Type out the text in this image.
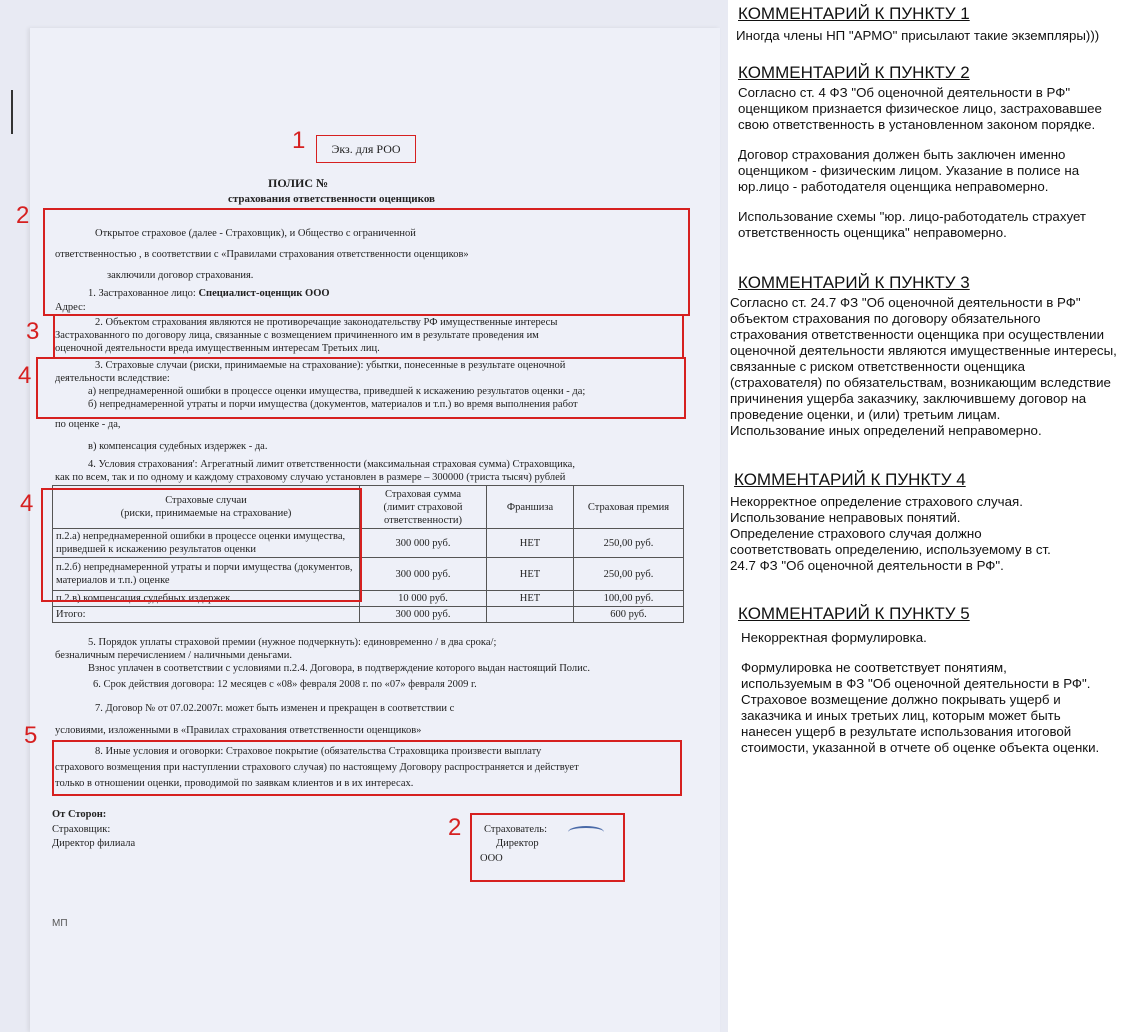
Экз. для РОО
ПОЛИС №
страхования ответственности оценщиков
Открытое страховое (далее - Страховщик), и Общество с ограниченной
ответственностью , в соответствии с «Правилами страхования ответственности оценщиков»
заключили договор страхования.
1. Застрахованное лицо: Специалист-оценщик ООО
Адрес:
2. Объектом страхования являются не противоречащие законодательству РФ имущественные интересы
Застрахованного по договору лица, связанные с возмещением причиненного им в результате проведения им
оценочной деятельности вреда имущественным интересам Третьих лиц.
3. Страховые случаи (риски, принимаемые на страхование): убытки, понесенные в результате оценочной
деятельности вследствие:
а) непреднамеренной ошибки в процессе оценки имущества, приведшей к искажению результатов оценки - да;
б) непреднамеренной утраты и порчи имущества (документов, материалов и т.п.) во время выполнения работ
по оценке - да,
в) компенсация судебных издержек - да.
4. Условия страхования': Агрегатный лимит ответственности (максимальная страховая сумма) Страховщика,
как по всем, так и по одному и каждому страховому случаю установлен в размере – 300000 (триста тысяч) рублей
Страховые случаи
(риски, принимаемые на страхование)	Страховая сумма
(лимит страховой ответственности)	Франшиза	Страховая премия
п.2.а) непреднамеренной ошибки в процессе оценки имущества, приведшей к искажению результатов оценки	300 000 руб.	НЕТ	250,00 руб.
п.2.б) непреднамеренной утраты и порчи имущества (документов, материалов и т.п.) оценке	300 000 руб.	НЕТ	250,00 руб.
п.2.в) компенсация судебных издержек	10 000 руб.	НЕТ	100,00 руб.
Итого:	300 000 руб.		600 руб.
5. Порядок уплаты страховой премии (нужное подчеркнуть): единовременно / в два срока/;
безналичным перечислением / наличными деньгами.
Взнос уплачен в соответствии с условиями п.2.4. Договора, в подтверждение которого выдан настоящий Полис.
6. Срок действия договора: 12 месяцев с «08» февраля 2008 г. по «07» февраля 2009 г.
7. Договор № от 07.02.2007г. может быть изменен и прекращен в соответствии с
условиями, изложенными в «Правилах страхования ответственности оценщиков»
8. Иные условия и оговорки: Страховое покрытие (обязательства Страховщика произвести выплату
страхового возмещения при наступлении страхового случая) по настоящему Договору распространяется и действует
только в отношении оценки, проводимой по заявкам клиентов и в их интересах.
От Сторон:
Страховщик:
Директор филиала
Страхователь:
Директор
ООО
МП
1
2
3
4
4
5
2
КОММЕНТАРИЙ К ПУНКТУ 1
Иногда члены НП "АРМО" присылают такие экземпляры)))
КОММЕНТАРИЙ К ПУНКТУ 2
Согласно ст. 4 ФЗ "Об оценочной деятельности в РФ" оценщиком признается физическое лицо, застраховавшее свою ответственность в установленном законом порядке.
Договор страхования должен быть заключен именно оценщиком - физическим лицом. Указание в полисе на юр.лицо - работодателя оценщика неправомерно.
Использование схемы "юр. лицо-работодатель страхует ответственность оценщика" неправомерно.
КОММЕНТАРИЙ К ПУНКТУ 3
Согласно ст. 24.7 ФЗ "Об оценочной деятельности в РФ" объектом страхования по договору обязательного страхования ответственности оценщика при осуществлении оценочной деятельности являются имущественные интересы, связанные с риском ответственности оценщика (страхователя) по обязательствам, возникающим вследствие причинения ущерба заказчику, заключившему договор на проведение оценки, и (или) третьим лицам.
Использование иных определений неправомерно.
КОММЕНТАРИЙ К ПУНКТУ 4
Некорректное определение страхового случая.
Использование неправовых понятий.
Определение страхового случая должно соответствовать определению, используемому в ст. 24.7 ФЗ "Об оценочной деятельности в РФ".
КОММЕНТАРИЙ К ПУНКТУ 5
Некорректная формулировка.
Формулировка не соответствует понятиям, используемым в ФЗ "Об оценочной деятельности в РФ".
Страховое возмещение должно покрывать ущерб и заказчика и иных третьих лиц, которым может быть нанесен ущерб в результате использования итоговой стоимости, указанной в отчете об оценке объекта оценки.
